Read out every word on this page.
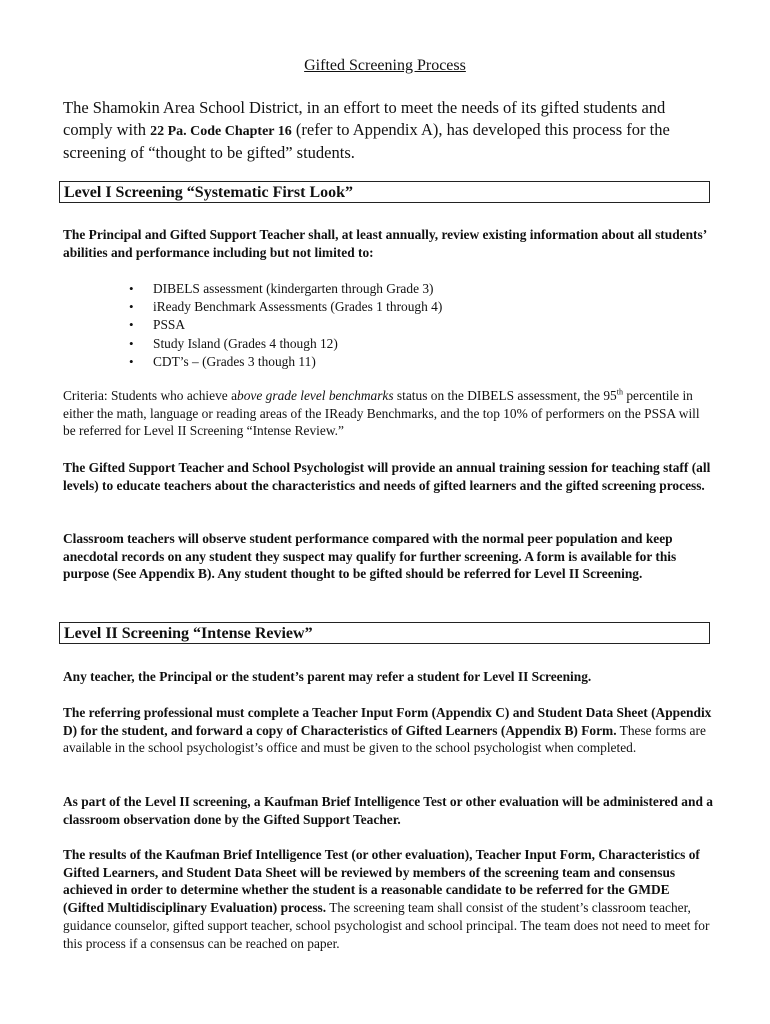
Gifted Screening Process
The Shamokin Area School District, in an effort to meet the needs of its gifted students and comply with 22 Pa. Code Chapter 16 (refer to Appendix A), has developed this process for the screening of “thought to be gifted” students.
Level I Screening “Systematic First Look”
The Principal and Gifted Support Teacher shall, at least annually, review existing information about all students’ abilities and performance including but not limited to:
• DIBELS assessment (kindergarten through Grade 3)
• iReady Benchmark Assessments (Grades 1 through 4)
• PSSA
• Study Island (Grades 4 though 12)
• CDT’s – (Grades 3 though 11)
Criteria: Students who achieve above grade level benchmarks status on the DIBELS assessment, the 95th percentile in either the math, language or reading areas of the IReady Benchmarks, and the top 10% of performers on the PSSA will be referred for Level II Screening “Intense Review.”
The Gifted Support Teacher and School Psychologist will provide an annual training session for teaching staff (all levels) to educate teachers about the characteristics and needs of gifted learners and the gifted screening process.
Classroom teachers will observe student performance compared with the normal peer population and keep anecdotal records on any student they suspect may qualify for further screening. A form is available for this purpose (See Appendix B). Any student thought to be gifted should be referred for Level II Screening.
Level II Screening “Intense Review”
Any teacher, the Principal or the student’s parent may refer a student for Level II Screening.
The referring professional must complete a Teacher Input Form (Appendix C) and Student Data Sheet (Appendix D) for the student, and forward a copy of Characteristics of Gifted Learners (Appendix B) Form. These forms are available in the school psychologist’s office and must be given to the school psychologist when completed.
As part of the Level II screening, a Kaufman Brief Intelligence Test or other evaluation will be administered and a classroom observation done by the Gifted Support Teacher.
The results of the Kaufman Brief Intelligence Test (or other evaluation), Teacher Input Form, Characteristics of Gifted Learners, and Student Data Sheet will be reviewed by members of the screening team and consensus achieved in order to determine whether the student is a reasonable candidate to be referred for the GMDE (Gifted Multidisciplinary Evaluation) process. The screening team shall consist of the student’s classroom teacher, guidance counselor, gifted support teacher, school psychologist and school principal. The team does not need to meet for this process if a consensus can be reached on paper.
